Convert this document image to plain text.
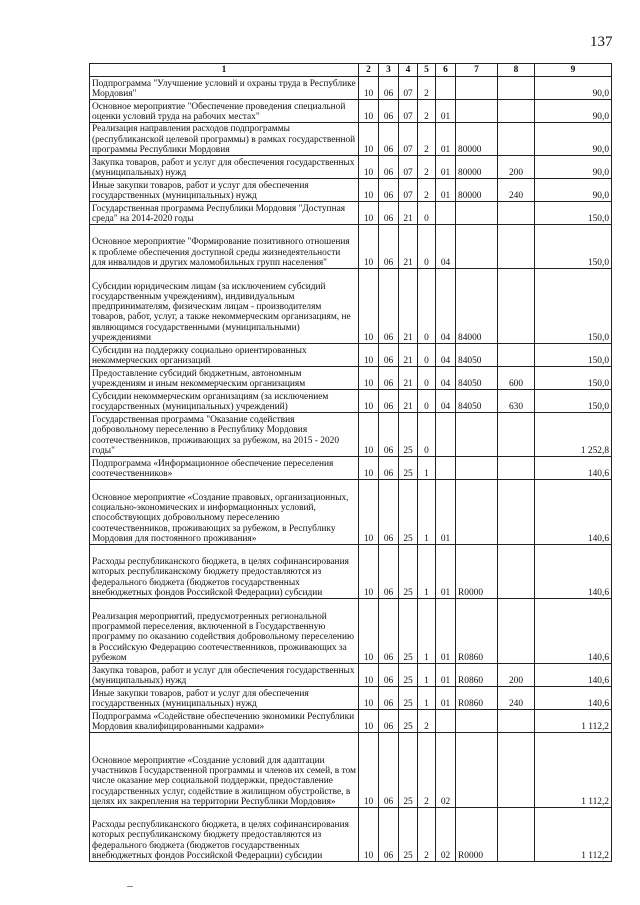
137
1	2	3	4	5	6	7	8	9
Подпрограмма "Улучшение условий и охраны труда в Республике Мордовия"	10	06	07	2				90,0
Основное мероприятие "Обеспечение проведения специальной оценки условий труда на рабочих местах"	10	06	07	2	01			90,0
Реализация направления расходов подпрограммы (республиканской целевой программы) в рамках государственной программы Республики Мордовия	10	06	07	2	01	80000		90,0
Закупка товаров, работ и услуг для обеспечения государственных (муниципальных) нужд	10	06	07	2	01	80000	200	90,0
Иные закупки товаров, работ и услуг для обеспечения государственных (муниципальных) нужд	10	06	07	2	01	80000	240	90,0
Государственная программа Республики Мордовия "Доступная среда" на 2014-2020 годы	10	06	21	0				150,0
Основное мероприятие "Формирование позитивного отношения к проблеме обеспечения доступной среды жизнедеятельности для инвалидов и других маломобильных групп населения"	10	06	21	0	04			150,0
Субсидии юридическим лицам (за исключением субсидий государственным учреждениям), индивидуальным предпринимателям, физическим лицам - производителям товаров, работ, услуг, а также некоммерческим организациям, не являющимся государственными (муниципальными) учреждениями	10	06	21	0	04	84000		150,0
Субсидии на поддержку социально ориентированных некоммерческих организаций	10	06	21	0	04	84050		150,0
Предоставление субсидий бюджетным, автономным учреждениям и иным некоммерческим организациям	10	06	21	0	04	84050	600	150,0
Субсидии некоммерческим организациям (за исключением государственных (муниципальных) учреждений)	10	06	21	0	04	84050	630	150,0
Государственная программа "Оказание содействия добровольному переселению в Республику Мордовия соотечественников, проживающих за рубежом, на 2015 - 2020 годы"	10	06	25	0				1 252,8
Подпрограмма «Информационное обеспечение переселения соотечественников»	10	06	25	1				140,6
Основное мероприятие «Создание правовых, организационных, социально-экономических и информационных условий, способствующих добровольному переселению соотечественников, проживающих за рубежом, в Республику Мордовия для постоянного проживания»	10	06	25	1	01			140,6
Расходы республиканского бюджета, в целях софинансирования которых республиканскому бюджету предоставляются из федерального бюджета (бюджетов государственных внебюджетных фондов Российской Федерации) субсидии	10	06	25	1	01	R0000		140,6
Реализация мероприятий, предусмотренных региональной программой переселения, включенной в Государственную программу по оказанию содействия добровольному переселению в Российскую Федерацию соотечественников, проживающих за рубежом	10	06	25	1	01	R0860		140,6
Закупка товаров, работ и услуг для обеспечения государственных (муниципальных) нужд	10	06	25	1	01	R0860	200	140,6
Иные закупки товаров, работ и услуг для обеспечения государственных (муниципальных) нужд	10	06	25	1	01	R0860	240	140,6
Подпрограмма «Содействие обеспечению экономики Республики Мордовия квалифицированными кадрами»	10	06	25	2				1 112,2
Основное мероприятие «Создание условий для адаптации участников Государственной программы и членов их семей, в том числе оказание мер социальной поддержки, предоставление государственных услуг, содействие в жилищном обустройстве, в целях их закрепления на территории Республики Мордовия»	10	06	25	2	02			1 112,2
Расходы республиканского бюджета, в целях софинансирования которых республиканскому бюджету предоставляются из федерального бюджета (бюджетов государственных внебюджетных фондов Российской Федерации) субсидии	10	06	25	2	02	R0000		1 112,2
